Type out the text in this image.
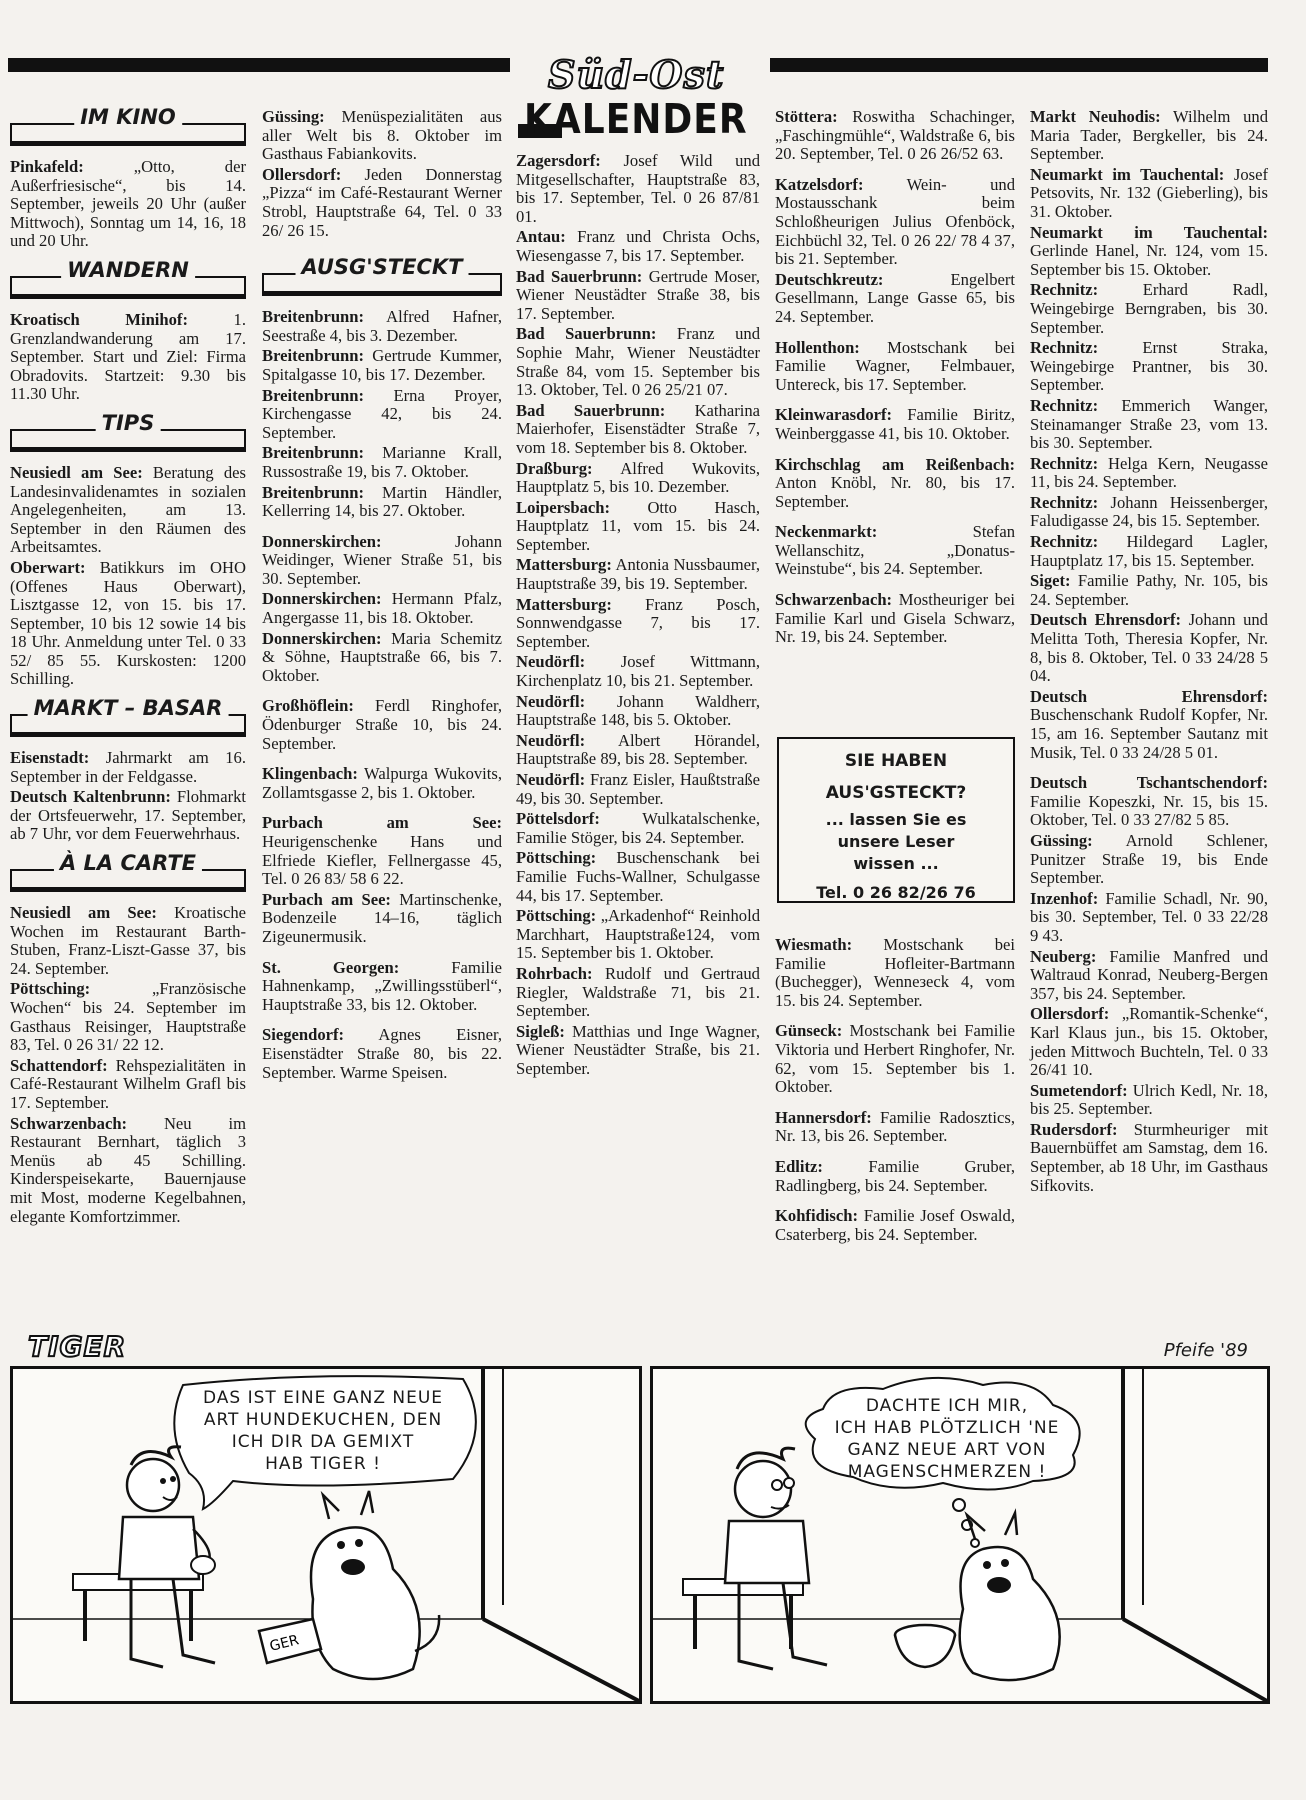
Süd-Ost
KALENDER
IM KINO

Pinkafeld:	„Otto, der Außerfriesische“, bis 14. September, jeweils 20 Uhr (außer Mittwoch), Sonntag um 14, 16, 18 und 20 Uhr.

WANDERN

Kroatisch Minihof:	1. Grenzlandwanderung am 17. September. Start und Ziel: Firma Obradovits. Startzeit: 9.30 bis 11.30 Uhr.

TIPS

Neusiedl am See: Beratung des Landesinvalidenamtes in sozialen Angelegenheiten, am 13. September in den Räumen des Arbeitsamtes.

Oberwart: Batikkurs im OHO (Offenes Haus Oberwart), Lisztgasse 12, von 15. bis 17. September, 10 bis 12 sowie 14 bis 18 Uhr. Anmeldung unter Tel. 0 33 52/ 85 55. Kurskosten: 1200 Schilling.

MARKT – BASAR

Eisenstadt: Jahrmarkt am 16. September in der Feldgasse.

Deutsch Kaltenbrunn: Flohmarkt der Ortsfeuerwehr, 17. September, ab 7 Uhr, vor dem Feuerwehrhaus.

À LA CARTE

Neusiedl am See: Kroatische Wochen im Restaurant Barth-Stuben, Franz-Liszt-Gasse 37, bis 24. September.

Pöttsching:	„Französische Wochen“ bis 24. September im Gasthaus Reisinger, Hauptstraße 83, Tel. 0 26 31/ 22 12.

Schattendorf: Rehspezialitäten in Café-Restaurant Wilhelm Grafl bis 17. September.

Schwarzenbach: Neu im Restaurant Bernhart, täglich 3 Menüs ab 45 Schilling. Kinderspeisekarte, Bauernjause mit Most, moderne Kegelbahnen, elegante Komfortzimmer.

Güssing: Menüspezialitäten aus aller Welt bis 8. Oktober im Gasthaus Fabiankovits.

Ollersdorf: Jeden Donnerstag „Pizza“ im Café-Restaurant Werner Strobl, Hauptstraße 64, Tel. 0 33 26/ 26 15.

AUSG'STECKT

Breitenbrunn: Alfred Hafner, Seestraße 4, bis 3. Dezember.

Breitenbrunn: Gertrude Kummer, Spitalgasse 10, bis 17. Dezember.

Breitenbrunn: Erna Proyer, Kirchengasse 42, bis 24. September.

Breitenbrunn: Marianne Krall, Russostraße 19, bis 7. Oktober.

Breitenbrunn: Martin Händler, Kellerring 14, bis 27. Oktober.

Donnerskirchen:	Johann Weidinger, Wiener Straße 51, bis 30. September.

Donnerskirchen: Hermann Pfalz, Angergasse 11, bis 18. Oktober.

Donnerskirchen: Maria Schemitz & Söhne, Hauptstraße 66, bis 7. Oktober.

Großhöflein: Ferdl Ringhofer, Ödenburger Straße 10, bis 24. September.

Klingenbach: Walpurga Wukovits, Zollamtsgasse 2, bis 1. Oktober.

Purbach am See: Heurigenschenke Hans und Elfriede Kiefler, Fellnergasse 45, Tel. 0 26 83/ 58 6 22.

Purbach am See: Martinschenke, Bodenzeile 14–16, täglich Zigeunermusik.

St. Georgen:	Familie Hahnenkamp, „Zwillingsstüberl“, Hauptstraße 33, bis 12. Oktober.

Siegendorf: Agnes Eisner, Eisenstädter Straße 80, bis 22. September. Warme Speisen.

Zagersdorf: Josef Wild und Mitgesellschafter, Hauptstraße 83, bis 17. September, Tel. 0 26 87/81 01.

Antau: Franz und Christa Ochs, Wiesengasse 7, bis 17. September.

Bad Sauerbrunn: Gertrude Moser, Wiener Neustädter Straße 38, bis 17. September.

Bad Sauerbrunn: Franz und Sophie Mahr, Wiener Neustädter Straße 84, vom 15. September bis 13. Oktober, Tel. 0 26 25/21 07.

Bad Sauerbrunn: Katharina Maierhofer, Eisenstädter Straße 7, vom 18. September bis 8. Oktober.

Draßburg: Alfred Wukovits, Hauptplatz 5, bis 10. Dezember.

Loipersbach: Otto Hasch, Hauptplatz 11, vom 15. bis 24. September.

Mattersburg: Antonia Nussbaumer, Hauptstraße 39, bis 19. September.

Mattersburg: Franz Posch, Sonnwendgasse 7, bis 17. September.

Neudörfl: Josef Wittmann, Kirchenplatz 10, bis 21. September.

Neudörfl: Johann Waldherr, Hauptstraße 148, bis 5. Oktober.

Neudörfl: Albert Hörandel, Hauptstraße 89, bis 28. September.

Neudörfl: Franz Eisler, Haußtstraße 49, bis 30. September.

Pöttelsdorf:	Wulkatalschenke, Familie Stöger, bis 24. September.

Pöttsching: Buschenschank bei Familie Fuchs-Wallner, Schulgasse 44, bis 17. September.

Pöttsching: „Arkadenhof“ Reinhold Marchhart, Hauptstraße124, vom 15. September bis 1. Oktober.

Rohrbach: Rudolf und Gertraud Riegler, Waldstraße 71, bis 21. September.

Sigleß: Matthias und Inge Wagner, Wiener Neustädter Straße, bis 21. September.

Stöttera: Roswitha Schachinger, „Faschingmühle“, Waldstraße 6, bis 20. September, Tel. 0 26 26/52 63.

Katzelsdorf:	Wein- und Mostausschank beim Schloßheurigen Julius Ofenböck, Eichbüchl 32, Tel. 0 26 22/ 78 4 37, bis 21. September.

Deutschkreutz:	Engelbert Gesellmann, Lange Gasse 65, bis 24. September.

Hollenthon: Mostschank bei Familie Wagner, Felmbauer, Untereck, bis 17. September.

Kleinwarasdorf: Familie Biritz, Weinberggasse 41, bis 10. Oktober.

Kirchschlag am Reißenbach: Anton Knöbl, Nr. 80, bis 17. September.

Neckenmarkt:	Stefan Wellanschitz, „Donatus-Weinstube“, bis 24. September.

Schwarzenbach: Mostheuriger bei Familie Karl und Gisela Schwarz, Nr. 19, bis 24. September.

SIE HABEN
AUS'GSTECKT?
... lassen Sie es
unsere Leser
wissen ...
Tel. 0 26 82/26 76

Wiesmath: Mostschank bei Familie Hofleiter-Bartmann (Buchegger), Wenneзeck 4, vom 15. bis 24. September.

Günseck: Mostschank bei Familie Viktoria und Herbert Ringhofer, Nr. 62, vom 15. September bis 1. Oktober.

Hannersdorf: Familie Radosztics, Nr. 13, bis 26. September.

Edlitz:	Familie Gruber, Radlingberg, bis 24. September.

Kohfidisch: Familie Josef Oswald, Csaterberg, bis 24. September.

Markt Neuhodis: Wilhelm und Maria Tader, Bergkeller, bis 24. September.

Neumarkt im Tauchental: Josef Petsovits, Nr. 132 (Gieberling), bis 31. Oktober.

Neumarkt im Tauchental: Gerlinde Hanel, Nr. 124, vom 15. September bis 15. Oktober.

Rechnitz:	Erhard Radl, Weingebirge Berngraben, bis 30. September.

Rechnitz:	Ernst Straka, Weingebirge Prantner, bis 30. September.

Rechnitz: Emmerich Wanger, Steinamanger Straße 23, vom 13. bis 30. September.

Rechnitz: Helga Kern, Neugasse 11, bis 24. September.

Rechnitz: Johann Heissenberger, Faludigasse 24, bis 15. September.

Rechnitz: Hildegard Lagler, Hauptplatz 17, bis 15. September.

Siget: Familie Pathy, Nr. 105, bis 24. September.

Deutsch Ehrensdorf: Johann und Melitta Toth, Theresia Kopfer, Nr. 8, bis 8. Oktober, Tel. 0 33 24/28 5 04.

Deutsch Ehrensdorf: Buschenschank Rudolf Kopfer, Nr. 15, am 16. September Sautanz mit Musik, Tel. 0 33 24/28 5 01.

Deutsch Tschantschendorf: Familie Kopeszki, Nr. 15, bis 15. Oktober, Tel. 0 33 27/82 5 85.

Güssing: Arnold Schlener, Punitzer Straße 19, bis Ende September.

Inzenhof: Familie Schadl, Nr. 90, bis 30. September, Tel. 0 33 22/28 9 43.

Neuberg: Familie Manfred und Waltraud Konrad, Neuberg-Bergen 357, bis 24. September.

Ollersdorf: „Romantik-Schenke“, Karl Klaus jun., bis 15. Oktober, jeden Mittwoch Buchteln, Tel. 0 33 26/41 10.

Sumetendorf: Ulrich Kedl, Nr. 18, bis 25. September.

Rudersdorf: Sturmheuriger mit Bauernbüffet am Samstag, dem 16. September, ab 18 Uhr, im Gasthaus Sifkovits.

TIGER	Pfeife '89
GER
DAS IST EINE GANZ NEUE
ART HUNDEKUCHEN, DEN
ICH DIR DA GEMIXT
HAB TIGER !
DACHTE ICH MIR,
ICH HAB PLÖTZLICH 'NE
GANZ NEUE ART VON
MAGENSCHMERZEN !
